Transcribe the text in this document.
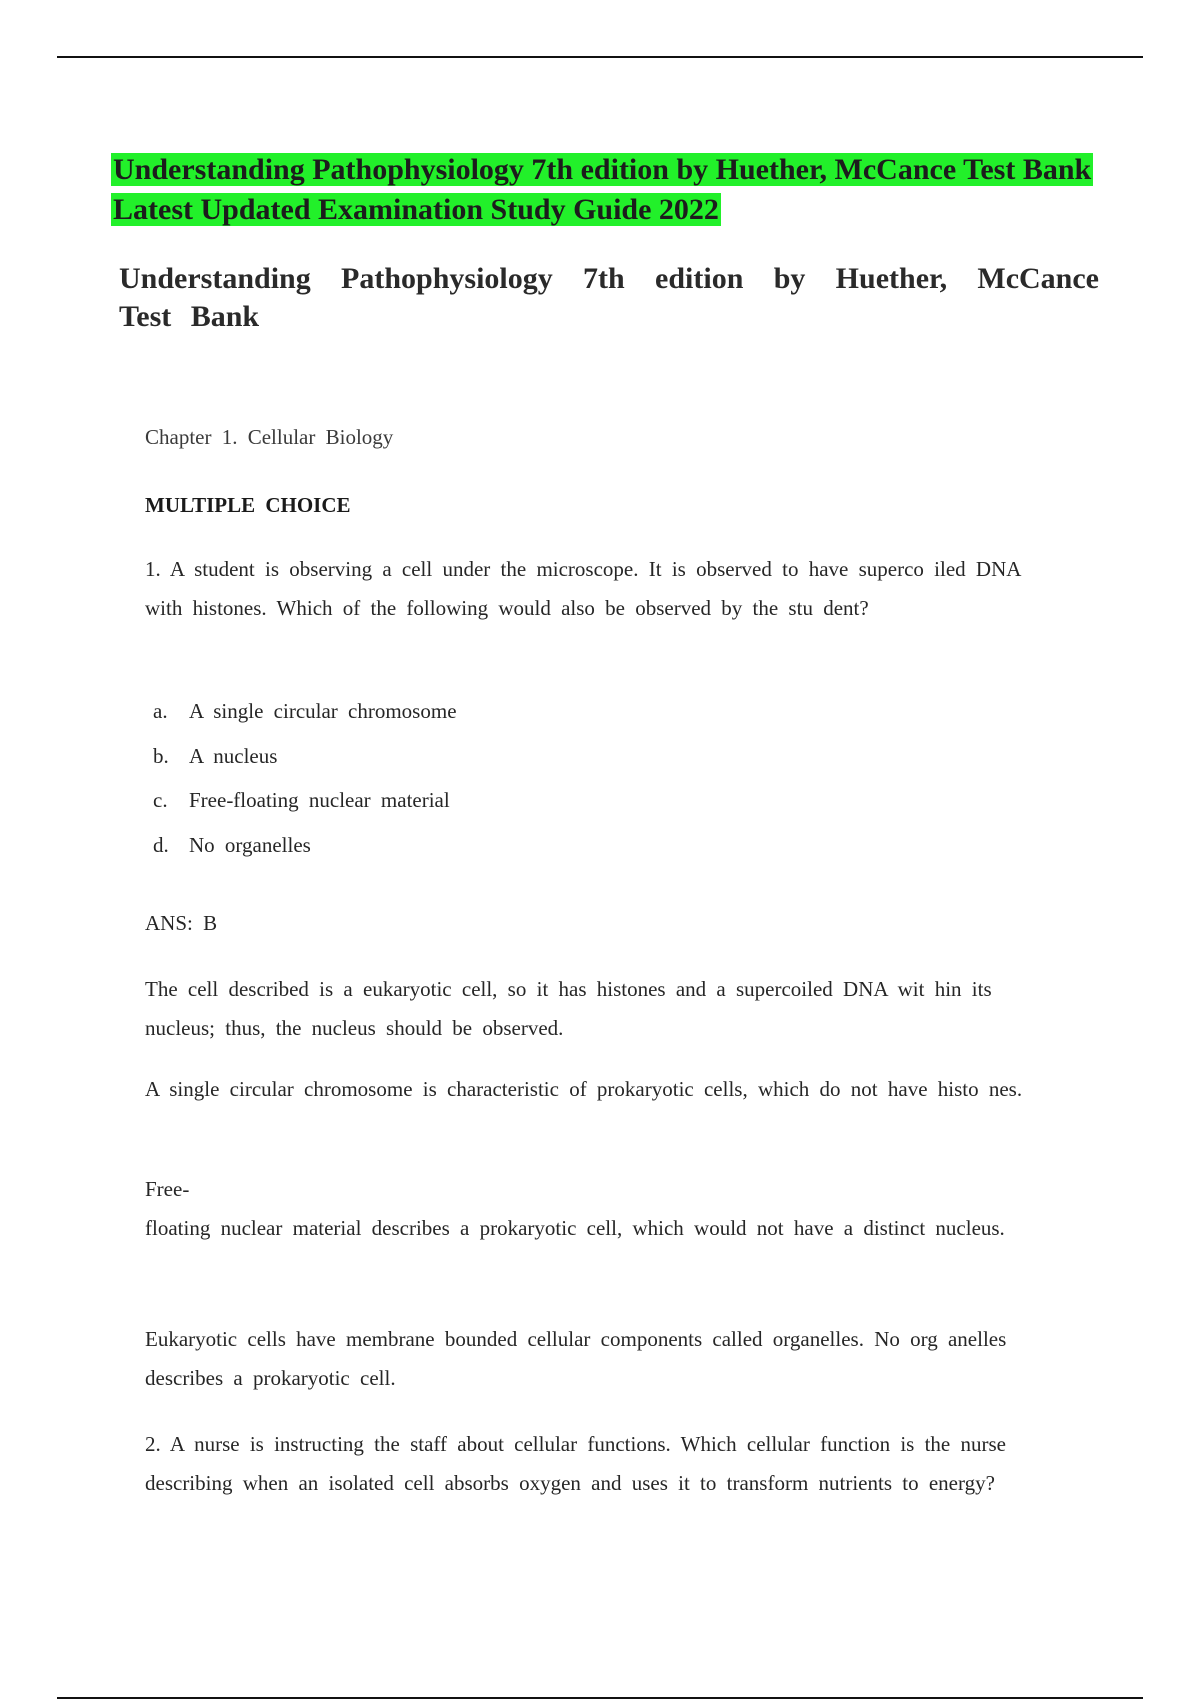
Understanding Pathophysiology 7th edition by Huether, McCance Test Bank
Latest Updated Examination Study Guide 2022
Understanding Pathophysiology 7th edition by Huether, McCance Test Bank

Chapter 1. Cellular Biology

MULTIPLE CHOICE

1. A student is observing a cell under the microscope. It is observed to have superco iled DNA with histones. Which of the following would also be observed by the stu dent?

a. A single circular chromosome
b. A nucleus
c. Free-floating nuclear material
d. No organelles

ANS: B

The cell described is a eukaryotic cell, so it has histones and a supercoiled DNA wit hin its nucleus; thus, the nucleus should be observed.

A single circular chromosome is characteristic of prokaryotic cells, which do not have histo nes.

Free-
floating nuclear material describes a prokaryotic cell, which would not have a distinct nucleus.

Eukaryotic cells have membrane bounded cellular components called organelles. No org anelles describes a prokaryotic cell.

2. A nurse is instructing the staff about cellular functions. Which cellular function is the nurse describing when an isolated cell absorbs oxygen and uses it to transform nutrients to energy?
